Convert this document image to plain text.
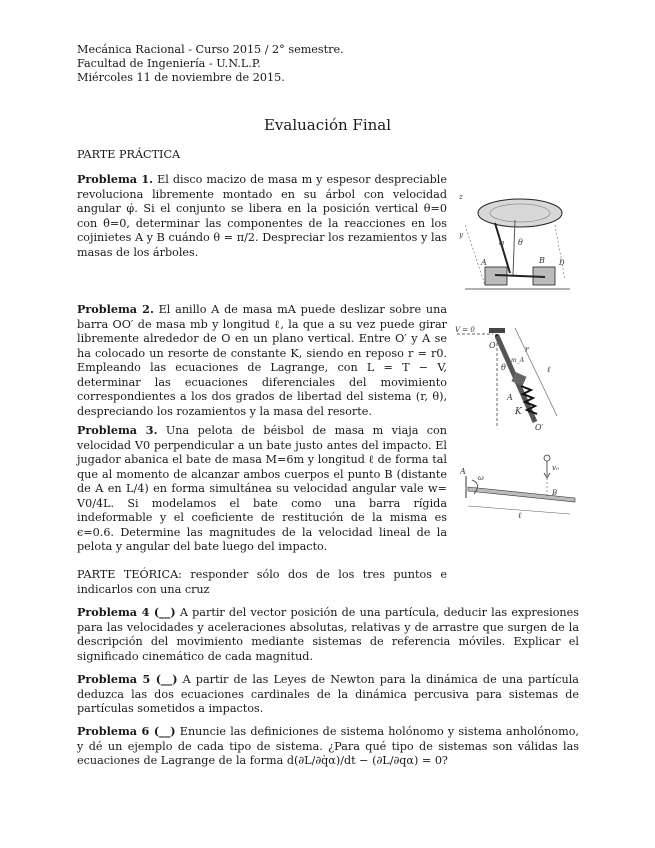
Mecánica Racional - Curso 2015 / 2° semestre.
Facultad de Ingeniería - U.N.L.P.
Miércoles 11 de noviembre de 2015.
Evaluación Final
PARTE PRÁCTICA
Problema 1. El disco macizo de masa m y espesor despreciable revoluciona libremente montado en su árbol con velocidad angular φ̇. Si el conjunto se libera en la posición vertical θ=0 con θ̇=0, determinar las componentes de la reacciones en los cojinietes A y B cuándo θ = π/2. Despreciar los rezamientos y las masas de los árboles.
A	B D
θ
φ
z
y
Problema 2. El anillo A de masa mA puede deslizar sobre una barra OO′ de masa mb y longitud ℓ, la que a su vez puede girar libremente alrededor de O en un plano vertical. Entre O′ y A se ha colocado un resorte de constante K, siendo en reposo r = r0. Empleando las ecuaciones de Lagrange, con L = T − V, determinar las ecuaciones diferenciales del movimiento correspondientes a los dos grados de libertad del sistema (r, θ), despreciando los rozamientos y la masa del resorte.
V = 0
O
θ
r
ℓ
A
K
O′
m_A
Problema 3. Una pelota de béisbol de masa m viaja con velocidad V0 perpendicular a un bate justo antes del impacto. El jugador abanica el bate de masa M=6m y longitud ℓ de forma tal que al momento de alcanzar ambos cuerpos el punto B (distante de A en L/4) en forma simultánea su velocidad angular vale w= V0/4L. Si modelamos el bate como una barra rígida indeformable y el coeficiente de restitución de la misma es ϵ=0.6. Determine las magnitudes de la velocidad lineal de la pelota y angular del bate luego del impacto.
A
B
ℓ
v₀
ω
PARTE TEÓRICA: responder sólo dos de los tres puntos e indicarlos con una cruz
Problema 4 (__) A partir del vector posición de una partícula, deducir las expresiones para las velocidades y aceleraciones absolutas, relativas y de arrastre que surgen de la descripción del movimiento mediante sistemas de referencia móviles. Explicar el significado cinemático de cada magnitud.
Problema 5 (__) A partir de las Leyes de Newton para la dinámica de una partícula deduzca las dos ecuaciones cardinales de la dinámica percusiva para sistemas de partículas sometidos a impactos.
Problema 6 (__) Enuncie las definiciones de sistema holónomo y sistema anholónomo, y dé un ejemplo de cada tipo de sistema. ¿Para qué tipo de sistemas son válidas las ecuaciones de Lagrange de la forma d(∂L/∂q̇α)/dt − (∂L/∂qα) = 0?
